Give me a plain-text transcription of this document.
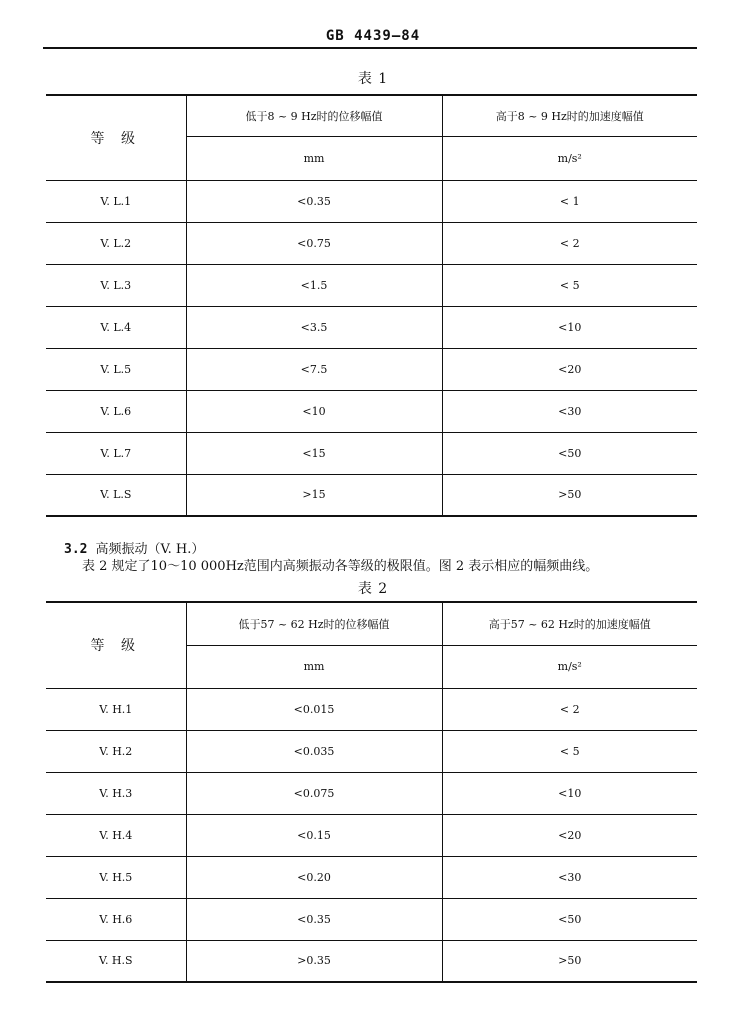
GB 4439—84
表 1
等 级	低于8 ~ 9 Hz时的位移幅值	高于8 ~ 9 Hz时的加速度幅值
	mm	m/s²
V. L.1	<0.35	< 1
V. L.2	<0.75	< 2
V. L.3	<1.5	< 5
V. L.4	<3.5	<10
V. L.5	<7.5	<20
V. L.6	<10	<30
V. L.7	<15	<50
V. L.S	>15	>50
3.2 高频振动（V. H.）
表 2 规定了10～10 000Hz范围内高频振动各等级的极限值。图 2 表示相应的幅频曲线。
表 2
等 级	低于57 ~ 62 Hz时的位移幅值	高于57 ~ 62 Hz时的加速度幅值
	mm	m/s²
V. H.1	<0.015	< 2
V. H.2	<0.035	< 5
V. H.3	<0.075	<10
V. H.4	<0.15	<20
V. H.5	<0.20	<30
V. H.6	<0.35	<50
V. H.S	>0.35	>50
